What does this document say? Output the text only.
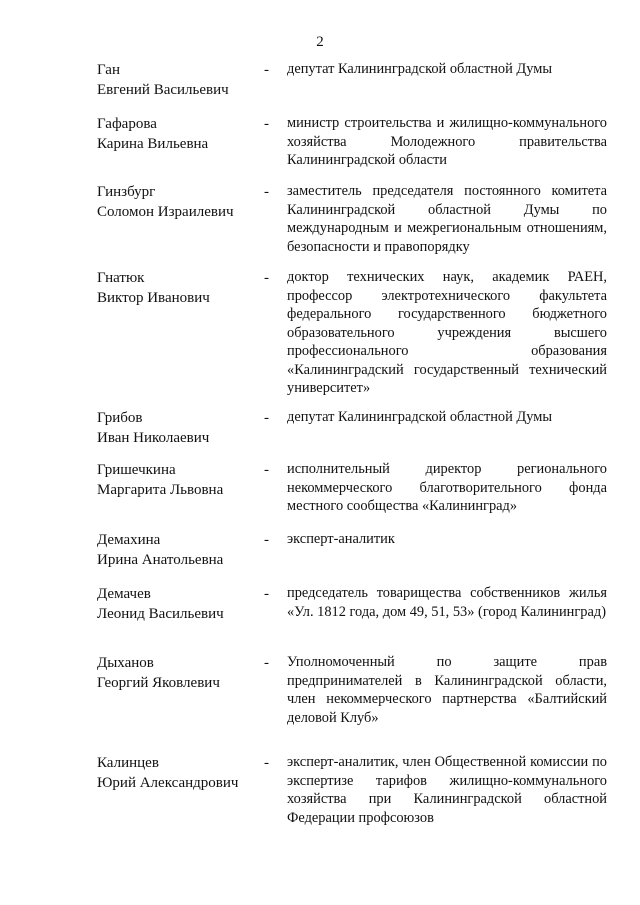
2
Ган
Евгений Васильевич
- депутат Калининградской областной Думы
Гафарова
Карина Вильевна
- министр строительства и жилищно-коммунального хозяйства Молодежного правительства Калининградской области
Гинзбург
Соломон Израилевич
- заместитель председателя постоянного комитета Калининградской областной Думы по международным и межрегиональным отношениям, безопасности и правопорядку
Гнатюк
Виктор Иванович
- доктор технических наук, академик РАЕН, профессор электротехнического факультета федерального государственного бюджетного образовательного учреждения высшего профессионального образования «Калининградский государственный технический университет»
Грибов
Иван Николаевич
- депутат Калининградской областной Думы
Гришечкина
Маргарита Львовна
- исполнительный директор регионального некоммерческого благотворительного фонда местного сообщества «Калининград»
Демахина
Ирина Анатольевна
- эксперт-аналитик
Демачев
Леонид Васильевич
- председатель товарищества собственников жилья «Ул. 1812 года, дом 49, 51, 53» (город Калининград)
Дыханов
Георгий Яковлевич
- Уполномоченный по защите прав предпринимателей в Калининградской области, член некоммерческого партнерства «Балтийский деловой Клуб»
Калинцев
Юрий Александрович
- эксперт-аналитик, член Общественной комиссии по экспертизе тарифов жилищно-коммунального хозяйства при Калининградской областной Федерации профсоюзов
